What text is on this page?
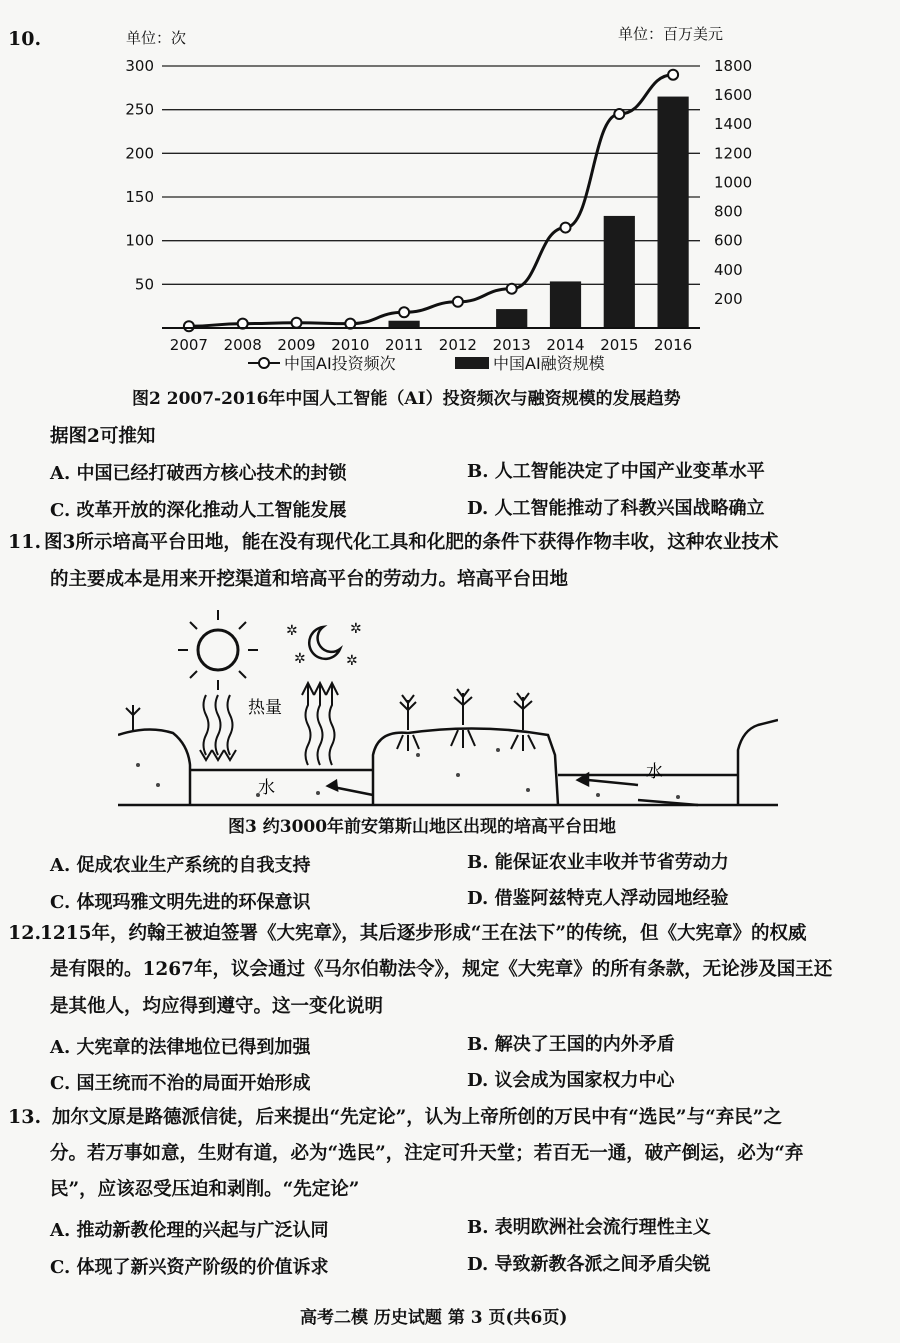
10.	单位：次	单位：百万美元
50
100
150
200
250
300
200
400
600
800
1000
1200
1400
1600
1800
2007 2008 2009 2010 2011 2012 2013 2014 2015 2016
中国AI投资频次	中国AI融资规模
图2 2007-2016年中国人工智能（AI）投资频次与融资规模的发展趋势
据图2可推知
A. 中国已经打破西方核心技术的封锁	B. 人工智能决定了中国产业变革水平
C. 改革开放的深化推动人工智能发展	D. 人工智能推动了科教兴国战略确立
11. 图3所示培高平台田地，能在没有现代化工具和化肥的条件下获得作物丰收，这种农业技术
的主要成本是用来开挖渠道和培高平台的劳动力。培高平台田地
✲	✲
✲	✲
热量
水
水
图3 约3000年前安第斯山地区出现的培高平台田地
A. 促成农业生产系统的自我支持	B. 能保证农业丰收并节省劳动力
C. 体现玛雅文明先进的环保意识	D. 借鉴阿兹特克人浮动园地经验
12.
1215年，约翰王被迫签署《大宪章》，其后逐步形成“王在法下”的传统，但《大宪章》的权威
是有限的。1267年，议会通过《马尔伯勒法令》，规定《大宪章》的所有条款，无论涉及国王还
是其他人，均应得到遵守。这一变化说明
A. 大宪章的法律地位已得到加强	B. 解决了王国的内外矛盾
C. 国王统而不治的局面开始形成	D. 议会成为国家权力中心
13. 加尔文原是路德派信徒，后来提出“先定论”，认为上帝所创的万民中有“选民”与“弃民”之
分。若万事如意，生财有道，必为“选民”，注定可升天堂；若百无一通，破产倒运，必为“弃
民”，应该忍受压迫和剥削。“先定论”
A. 推动新教伦理的兴起与广泛认同	B. 表明欧洲社会流行理性主义
C. 体现了新兴资产阶级的价值诉求	D. 导致新教各派之间矛盾尖锐
高考二模 历史试题 第 3 页(共6页)
